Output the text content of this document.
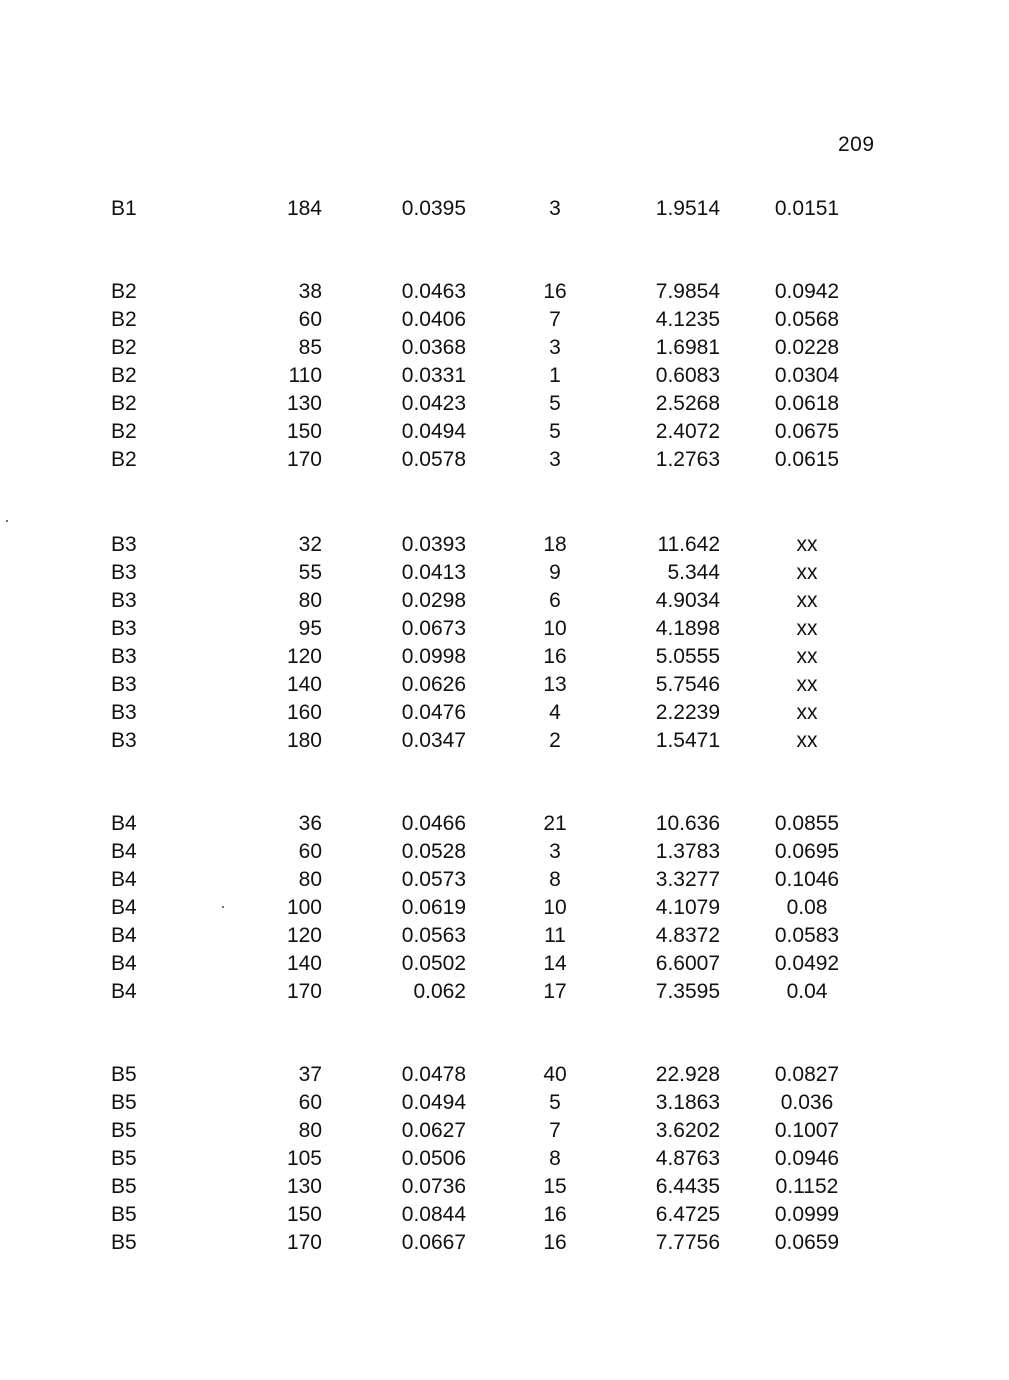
209
B1	184	0.0395	3	1.9514	0.0151
B2	38	0.0463	16	7.9854	0.0942
B2	60	0.0406	7	4.1235	0.0568
B2	85	0.0368	3	1.6981	0.0228
B2	110	0.0331	1	0.6083	0.0304
B2	130	0.0423	5	2.5268	0.0618
B2	150	0.0494	5	2.4072	0.0675
B2	170	0.0578	3	1.2763	0.0615
B3	32	0.0393	18	11.642	xx
B3	55	0.0413	9	5.344	xx
B3	80	0.0298	6	4.9034	xx
B3	95	0.0673	10	4.1898	xx
B3	120	0.0998	16	5.0555	xx
B3	140	0.0626	13	5.7546	xx
B3	160	0.0476	4	2.2239	xx
B3	180	0.0347	2	1.5471	xx
B4	36	0.0466	21	10.636	0.0855
B4	60	0.0528	3	1.3783	0.0695
B4	80	0.0573	8	3.3277	0.1046
B4	100	0.0619	10	4.1079	0.08
B4	120	0.0563	11	4.8372	0.0583
B4	140	0.0502	14	6.6007	0.0492
B4	170	0.062	17	7.3595	0.04
B5	37	0.0478	40	22.928	0.0827
B5	60	0.0494	5	3.1863	0.036
B5	80	0.0627	7	3.6202	0.1007
B5	105	0.0506	8	4.8763	0.0946
B5	130	0.0736	15	6.4435	0.1152
B5	150	0.0844	16	6.4725	0.0999
B5	170	0.0667	16	7.7756	0.0659
